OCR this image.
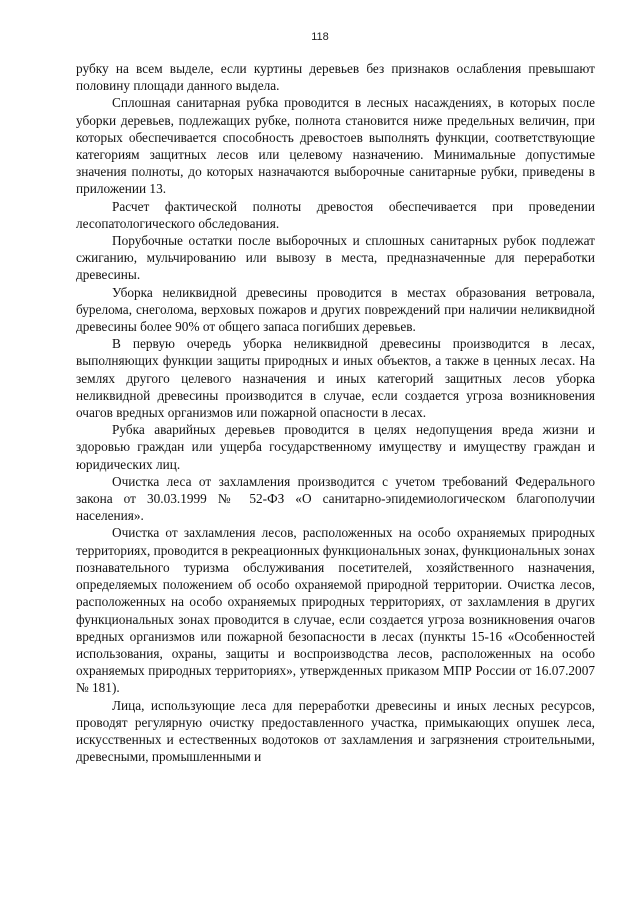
118

рубку на всем выделе, если куртины деревьев без признаков ослабления превышают половину площади данного выдела.

Сплошная санитарная рубка проводится в лесных насаждениях, в которых после уборки деревьев, подлежащих рубке, полнота становится ниже предельных величин, при которых обеспечивается способность древостоев выполнять функции, соответствующие категориям защитных лесов или целевому назначению. Минимальные допустимые значения полноты, до которых назначаются выборочные санитарные рубки, приведены в приложении 13.

Расчет фактической полноты древостоя обеспечивается при проведении лесопатологического обследования.

Порубочные остатки после выборочных и сплошных санитарных рубок подлежат сжиганию, мульчированию или вывозу в места, предназначенные для переработки древесины.

Уборка неликвидной древесины проводится в местах образования ветровала, бурелома, снеголома, верховых пожаров и других повреждений при наличии неликвидной древесины более 90% от общего запаса погибших деревьев.

В первую очередь уборка неликвидной древесины производится в лесах, выполняющих функции защиты природных и иных объектов, а также в ценных лесах. На землях другого целевого назначения и иных категорий защитных лесов уборка неликвидной древесины производится в случае, если создается угроза возникновения очагов вредных организмов или пожарной опасности в лесах.

Рубка аварийных деревьев проводится в целях недопущения вреда жизни и здоровью граждан или ущерба государственному имуществу и имуществу граждан и юридических лиц.

Очистка леса от захламления производится с учетом требований Федерального закона от 30.03.1999 № 52-ФЗ «О санитарно-эпидемиологическом благополучии населения».

Очистка от захламления лесов, расположенных на особо охраняемых природных территориях, проводится в рекреационных функциональных зонах, функциональных зонах познавательного туризма обслуживания посетителей, хозяйственного назначения, определяемых положением об особо охраняемой природной территории. Очистка лесов, расположенных на особо охраняемых природных территориях, от захламления в других функциональных зонах проводится в случае, если создается угроза возникновения очагов вредных организмов или пожарной безопасности в лесах (пункты 15-16 «Особенностей использования, охраны, защиты и воспроизводства лесов, расположенных на особо охраняемых природных территориях», утвержденных приказом МПР России от 16.07.2007 № 181).

Лица, использующие леса для переработки древесины и иных лесных ресурсов, проводят регулярную очистку предоставленного участка, примыкающих опушек леса, искусственных и естественных водотоков от захламления и загрязнения строительными, древесными, промышленными и
